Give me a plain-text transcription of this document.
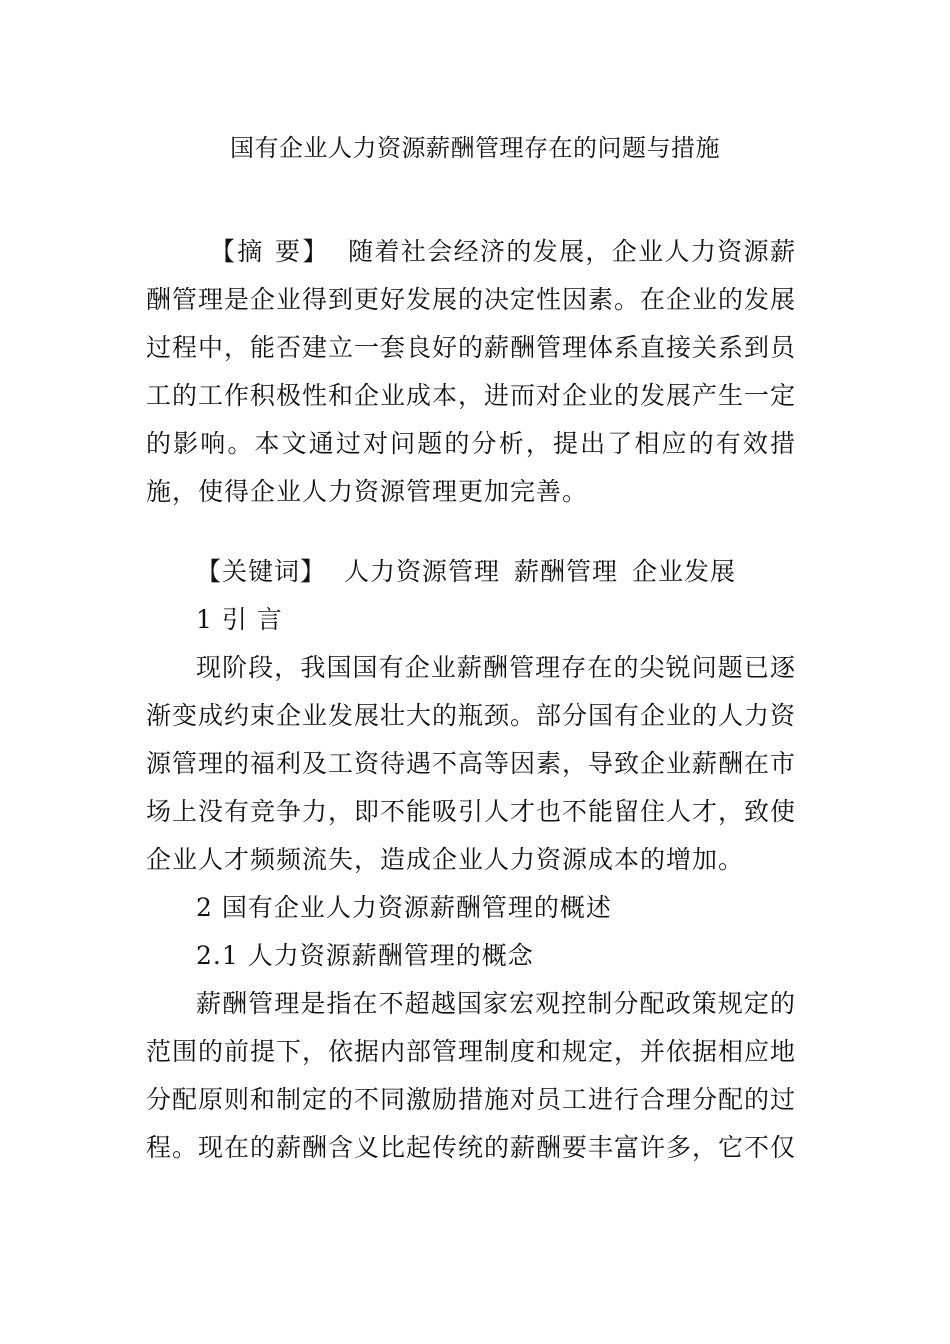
国有企业人力资源薪酬管理存在的问题与措施

【摘 要】 随着社会经济的发展，企业人力资源薪酬管理是企业得到更好发展的决定性因素。在企业的发展过程中，能否建立一套良好的薪酬管理体系直接关系到员工的工作积极性和企业成本，进而对企业的发展产生一定的影响。本文通过对问题的分析，提出了相应的有效措施，使得企业人力资源管理更加完善。

【关键词】 人力资源管理 薪酬管理 企业发展

1 引 言

现阶段，我国国有企业薪酬管理存在的尖锐问题已逐渐变成约束企业发展壮大的瓶颈。部分国有企业的人力资源管理的福利及工资待遇不高等因素，导致企业薪酬在市场上没有竞争力，即不能吸引人才也不能留住人才，致使企业人才频频流失，造成企业人力资源成本的增加。

2 国有企业人力资源薪酬管理的概述

2.1 人力资源薪酬管理的概念

薪酬管理是指在不超越国家宏观控制分配政策规定的范围的前提下，依据内部管理制度和规定，并依据相应地分配原则和制定的不同激励措施对员工进行合理分配的过程。现在的薪酬含义比起传统的薪酬要丰富许多，它不仅
